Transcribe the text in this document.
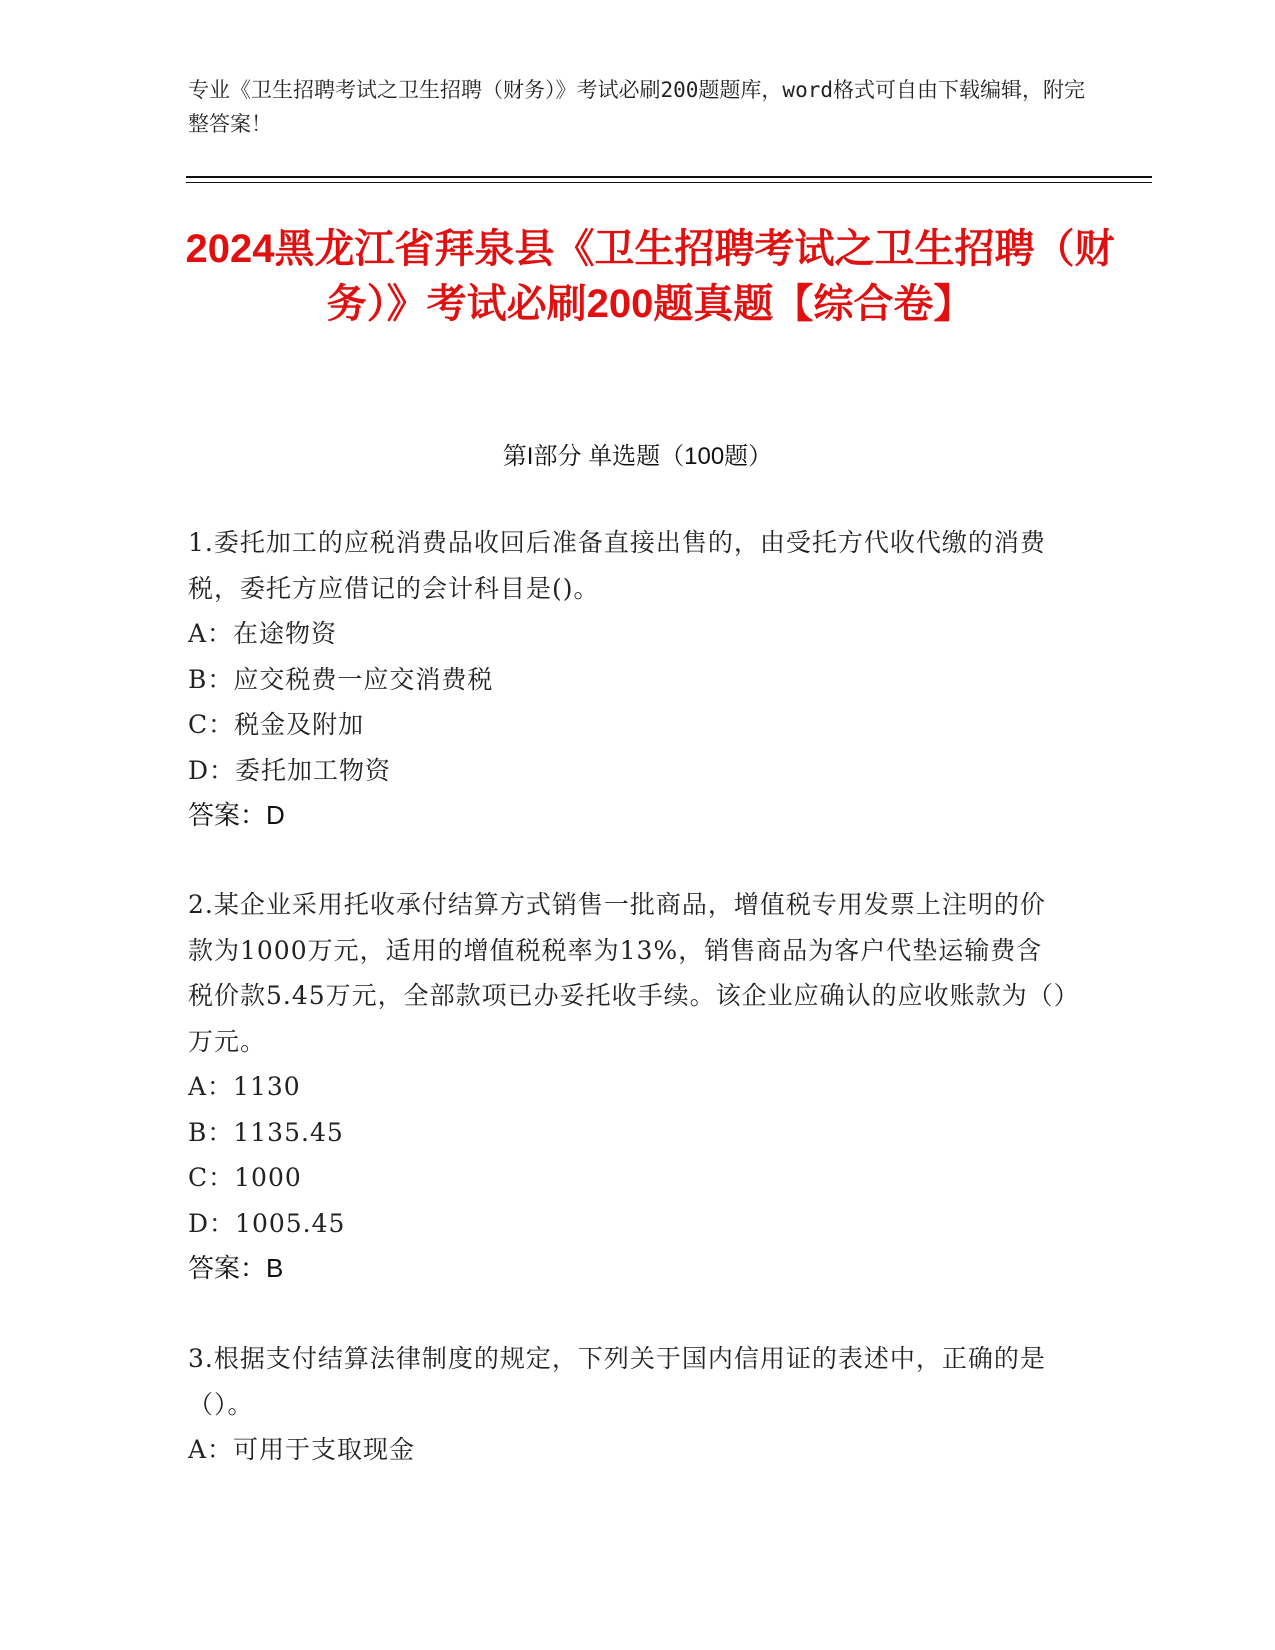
专业《卫生招聘考试之卫生招聘（财务）》考试必刷200题题库，word格式可自由下载编辑，附完整答案！
2024黑龙江省拜泉县《卫生招聘考试之卫生招聘（财务）》考试必刷200题真题【综合卷】
第I部分 单选题（100题）
1.委托加工的应税消费品收回后准备直接出售的，由受托方代收代缴的消费税，委托方应借记的会计科目是()。
A：在途物资
B：应交税费一应交消费税
C：税金及附加
D：委托加工物资
答案：D
2.某企业采用托收承付结算方式销售一批商品，增值税专用发票上注明的价款为1000万元，适用的增值税税率为13%，销售商品为客户代垫运输费含税价款5.45万元，全部款项已办妥托收手续。该企业应确认的应收账款为（）万元。
A：1130
B：1135.45
C：1000
D：1005.45
答案：B
3.根据支付结算法律制度的规定，下列关于国内信用证的表述中，正确的是（）。
A：可用于支取现金
